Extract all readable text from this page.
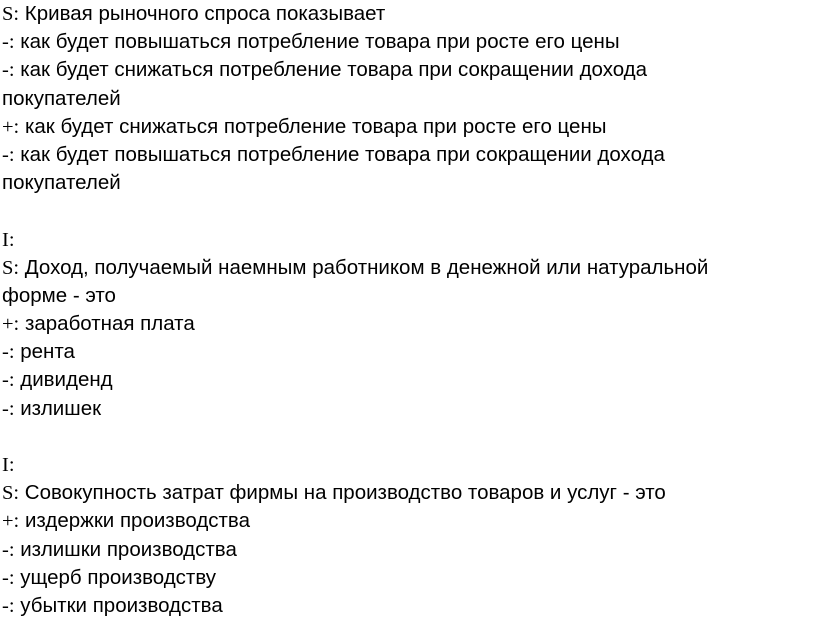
S: Кривая рыночного спроса показывает
-: как будет повышаться потребление товара при росте его цены
-: как будет снижаться потребление товара при сокращении дохода
покупателей
+: как будет снижаться потребление товара при росте его цены
-: как будет повышаться потребление товара при сокращении дохода
покупателей
I:
S: Доход, получаемый наемным работником в денежной или натуральной
форме - это
+: заработная плата
-: рента
-: дивиденд
-: излишек
I:
S: Совокупность затрат фирмы на производство товаров и услуг - это
+: издержки производства
-: излишки производства
-: ущерб производству
-: убытки производства
